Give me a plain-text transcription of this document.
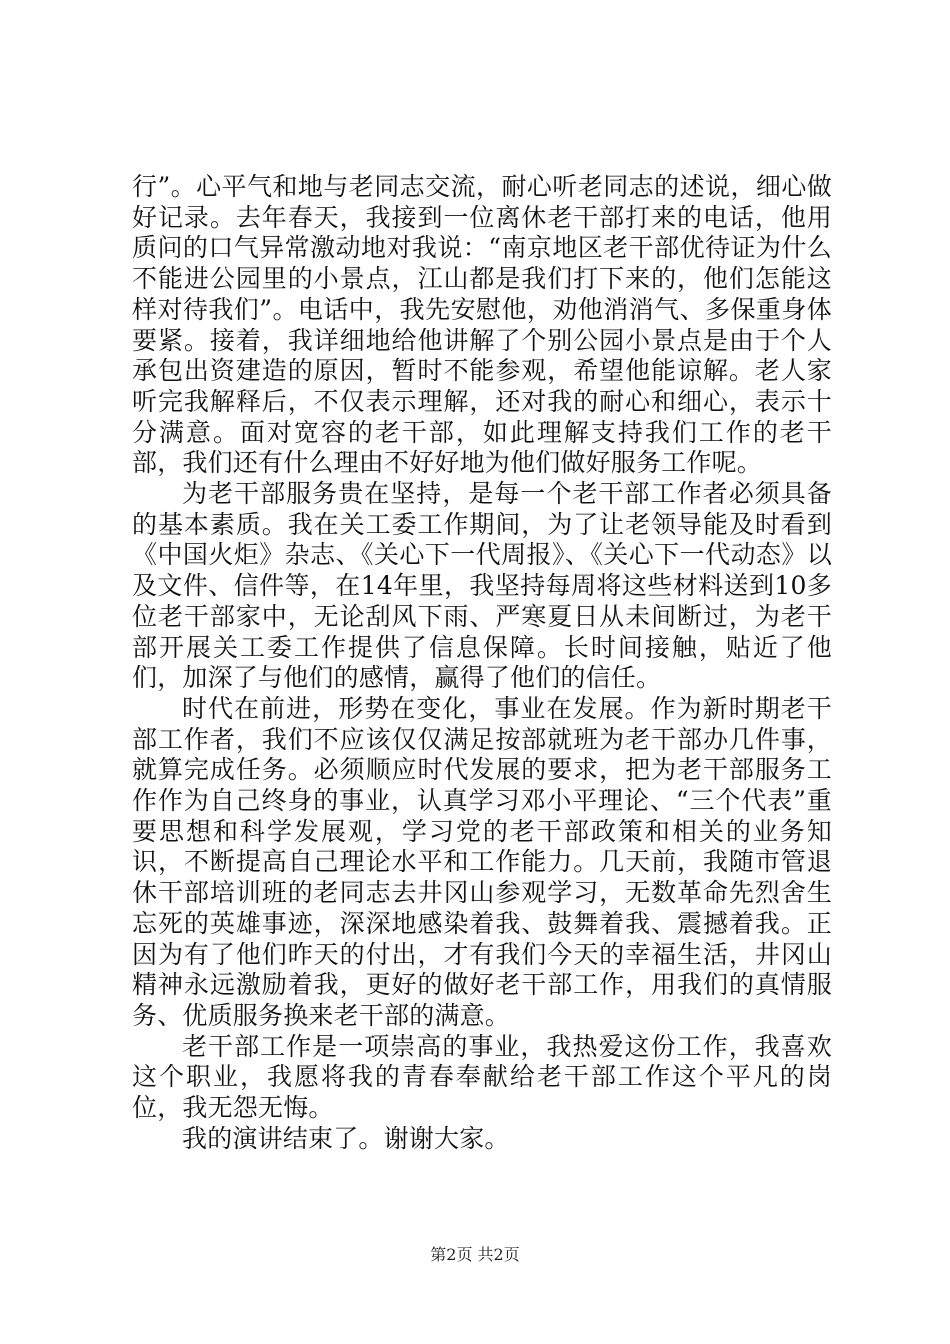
行”。心平气和地与老同志交流，耐心听老同志的述说，细心做好记录。去年春天，我接到一位离休老干部打来的电话，他用质问的口气异常激动地对我说：“南京地区老干部优待证为什么不能进公园里的小景点，江山都是我们打下来的，他们怎能这样对待我们”。电话中，我先安慰他，劝他消消气、多保重身体要紧。接着，我详细地给他讲解了个别公园小景点是由于个人承包出资建造的原因，暂时不能参观，希望他能谅解。老人家听完我解释后，不仅表示理解，还对我的耐心和细心，表示十分满意。面对宽容的老干部，如此理解支持我们工作的老干部，我们还有什么理由不好好地为他们做好服务工作呢。

为老干部服务贵在坚持，是每一个老干部工作者必须具备的基本素质。我在关工委工作期间，为了让老领导能及时看到《中国火炬》杂志、《关心下一代周报》、《关心下一代动态》以及文件、信件等，在14年里，我坚持每周将这些材料送到10多位老干部家中，无论刮风下雨、严寒夏日从未间断过，为老干部开展关工委工作提供了信息保障。长时间接触，贴近了他们，加深了与他们的感情，赢得了他们的信任。

时代在前进，形势在变化，事业在发展。作为新时期老干部工作者，我们不应该仅仅满足按部就班为老干部办几件事，就算完成任务。必须顺应时代发展的要求，把为老干部服务工作作为自己终身的事业，认真学习邓小平理论、“三个代表”重要思想和科学发展观，学习党的老干部政策和相关的业务知识，不断提高自己理论水平和工作能力。几天前，我随市管退休干部培训班的老同志去井冈山参观学习，无数革命先烈舍生忘死的英雄事迹，深深地感染着我、鼓舞着我、震撼着我。正因为有了他们昨天的付出，才有我们今天的幸福生活，井冈山精神永远激励着我，更好的做好老干部工作，用我们的真情服务、优质服务换来老干部的满意。

老干部工作是一项崇高的事业，我热爱这份工作，我喜欢这个职业，我愿将我的青春奉献给老干部工作这个平凡的岗位，我无怨无悔。

我的演讲结束了。谢谢大家。

第2页 共2页
